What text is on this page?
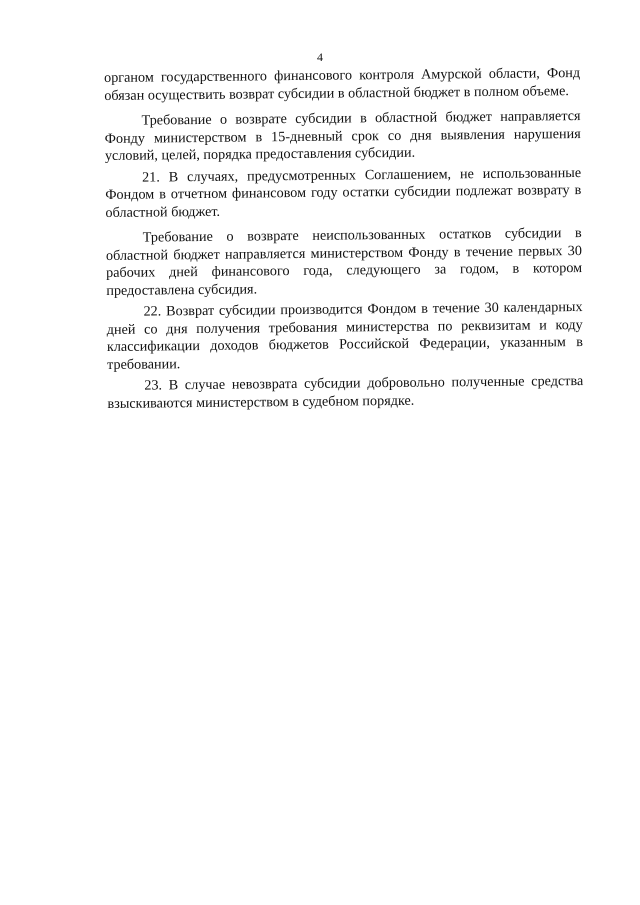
4

органом государственного финансового контроля Амурской области, Фонд обязан осуществить возврат субсидии в областной бюджет в полном объеме.

Требование о возврате субсидии в областной бюджет направляется Фонду министерством в 15-дневный срок со дня выявления нарушения условий, целей, порядка предоставления субсидии.

21. В случаях, предусмотренных Соглашением, не использованные Фондом в отчетном финансовом году остатки субсидии подлежат возврату в областной бюджет.

Требование о возврате неиспользованных остатков субсидии в областной бюджет направляется министерством Фонду в течение первых 30 рабочих дней финансового года, следующего за годом, в котором предоставлена субсидия.

22. Возврат субсидии производится Фондом в течение 30 календарных дней со дня получения требования министерства по реквизитам и коду классификации доходов бюджетов Российской Федерации, указанным в требовании.

23. В случае невозврата субсидии добровольно полученные средства взыскиваются министерством в судебном порядке.
